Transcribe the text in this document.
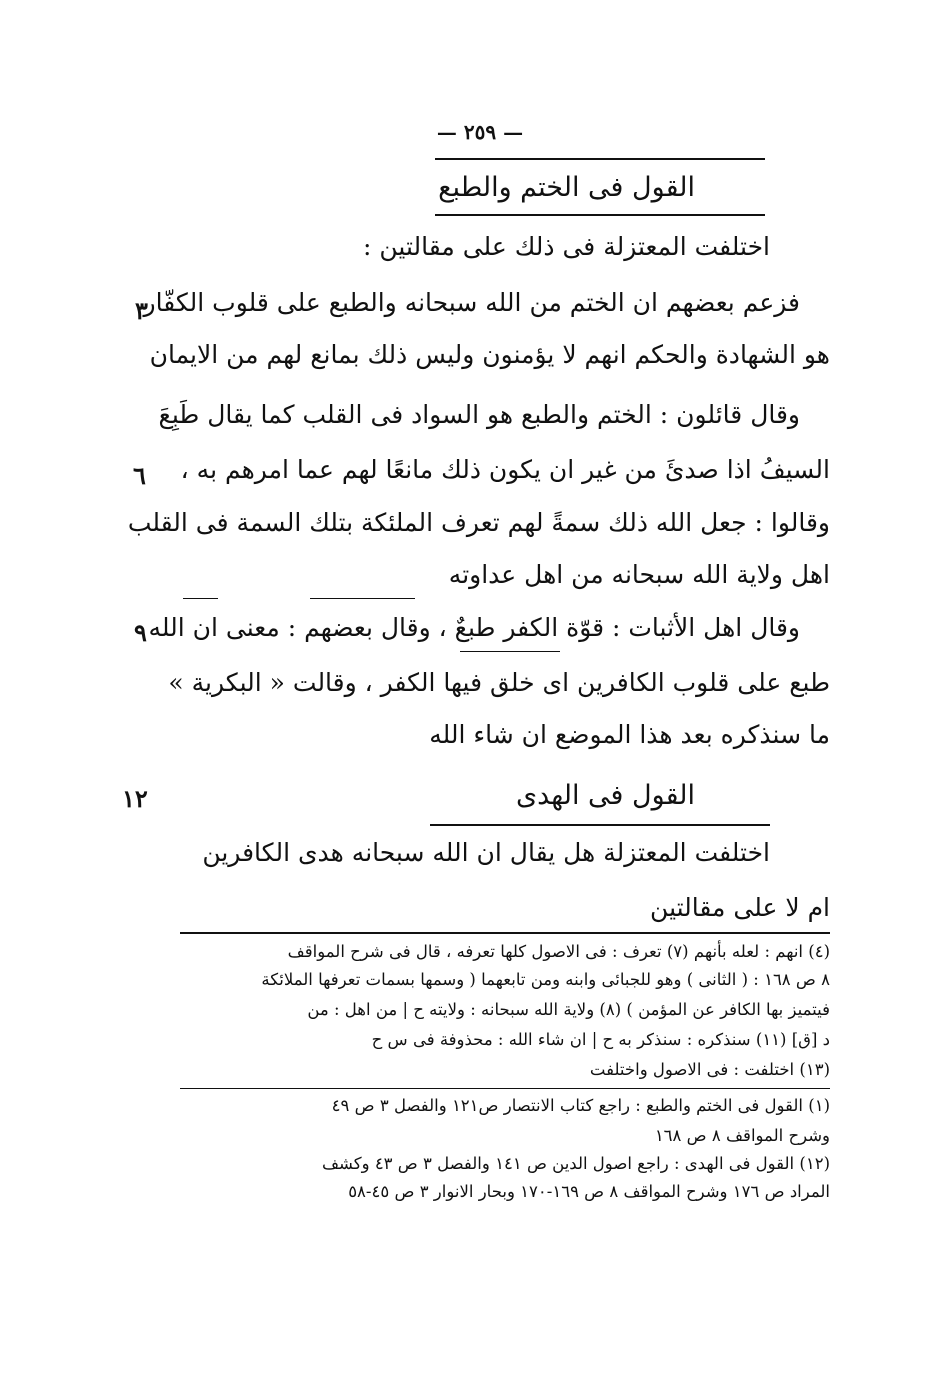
— ٢٥٩ —
القول فى الختم والطبع
اختلفت المعتزلة فى ذلك على مقالتين :
فزعم بعضهم ان الختم من الله سبحانه والطبع على قلوب الكفّار
هو الشهادة والحكم انهم لا يؤمنون وليس ذلك بمانع لهم من الايمان
وقال قائلون : الختم والطبع هو السواد فى القلب كما يقال طَبِعَ
السيفُ اذا صدئَ من غير ان يكون ذلك مانعًا لهم عما امرهم به ،
وقالوا : جعل الله ذلك سمةً لهم تعرف الملئكة بتلك السمة فى القلب
اهل ولاية الله سبحانه من اهل عداوته
وقال اهل الأثبات : قوّة الكفر طبعٌ ، وقال بعضهم : معنى ان الله
طبع على قلوب الكافرين اى خلق فيها الكفر ، وقالت « البكرية »
ما سنذكره بعد هذا الموضع ان شاء الله
القول فى الهدى
اختلفت المعتزلة هل يقال ان الله سبحانه هدى الكافرين
ام لا على مقالتين
٣
٦
٩
١٢
(٤) انهم : لعله بأنهم (٧) تعرف : فى الاصول كلها تعرفه ، قال فى شرح المواقف
٨ ص ١٦٨ : ( الثانى ) وهو للجبائى وابنه ومن تابعهما ( وسمها بسمات تعرفها الملائكة
فيتميز بها الكافر عن المؤمن ) (٨) ولاية الله سبحانه : ولايته ح | من اهل : من
د [ق] (١١) سنذكره : سنذكر به ح | ان شاء الله : محذوفة فى س ح
(١٣) اختلفت : فى الاصول واختلفت
(١) القول فى الختم والطبع : راجع كتاب الانتصار ص١٢١ والفصل ٣ ص ٤٩
وشرح المواقف ٨ ص ١٦٨
(١٢) القول فى الهدى : راجع اصول الدين ص ١٤١ والفصل ٣ ص ٤٣ وكشف
المراد ص ١٧٦ وشرح المواقف ٨ ص ١٦٩-١٧٠ وبحار الانوار ٣ ص ٤٥-٥٨
